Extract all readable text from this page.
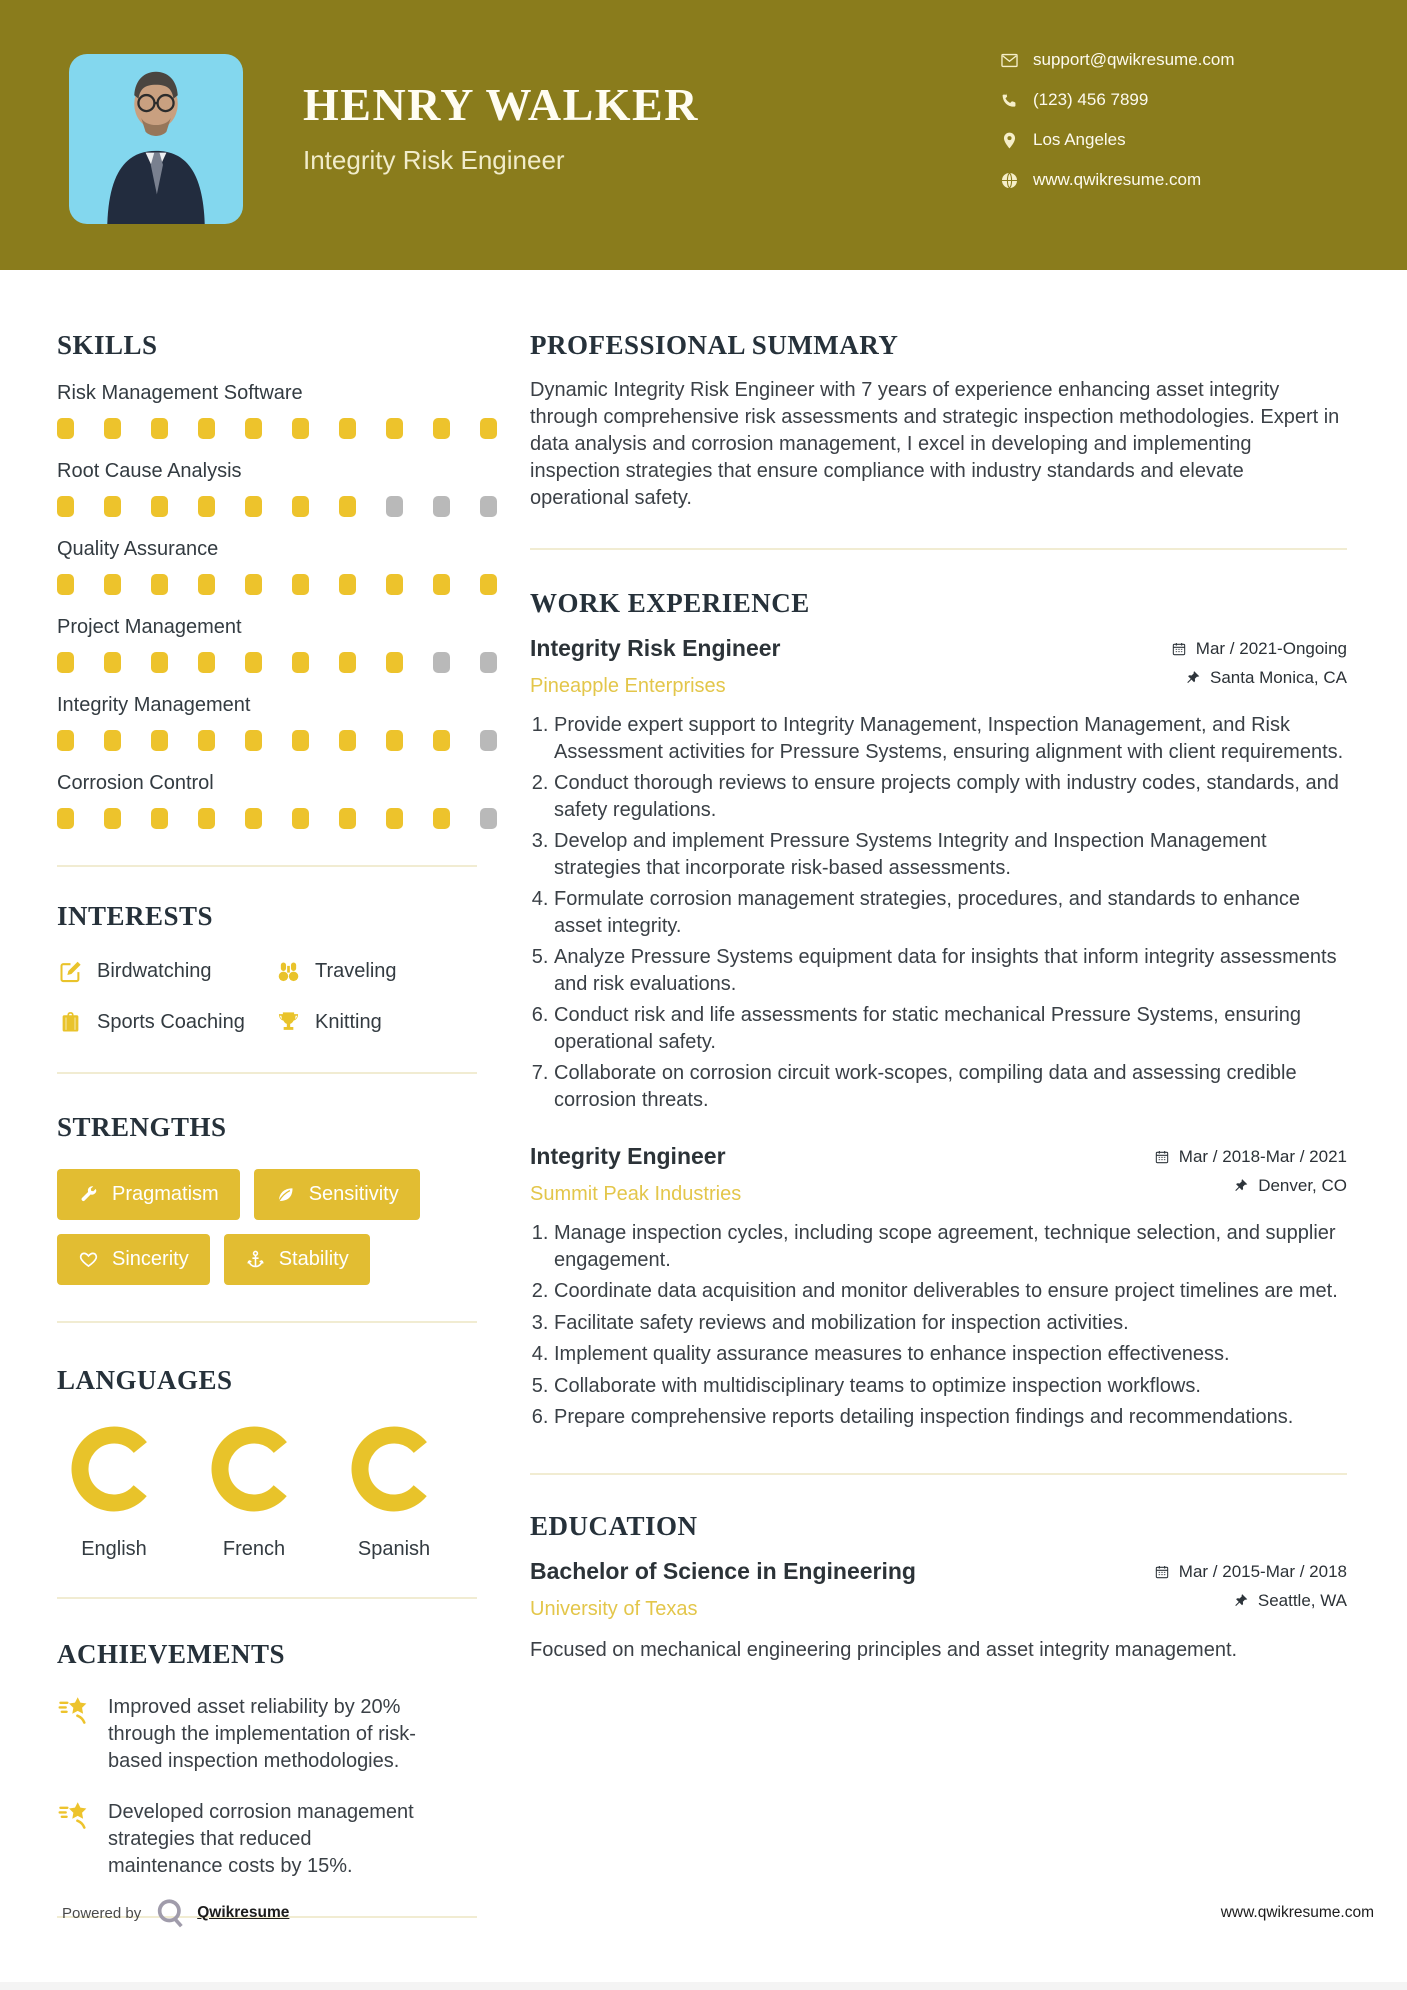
HENRY WALKER
Integrity Risk Engineer
support@qwikresume.com
(123) 456 7899
Los Angeles
www.qwikresume.com
SKILLS
Risk Management Software
Root Cause Analysis
Quality Assurance
Project Management
Integrity Management
Corrosion Control
INTERESTS
Birdwatching	Traveling
Sports Coaching	Knitting
STRENGTHS
Pragmatism	Sensitivity
Sincerity	Stability
LANGUAGES
English	French	Spanish
ACHIEVEMENTS
Improved asset reliability by 20% through the implementation of risk-based inspection methodologies.
Developed corrosion management strategies that reduced maintenance costs by 15%.
PROFESSIONAL SUMMARY

Dynamic Integrity Risk Engineer with 7 years of experience enhancing asset integrity through comprehensive risk assessments and strategic inspection methodologies. Expert in data analysis and corrosion management, I excel in developing and implementing inspection strategies that ensure compliance with industry standards and elevate operational safety.

WORK EXPERIENCE
Integrity Risk Engineer
Pineapple Enterprises
Mar / 2021-Ongoing
Santa Monica, CA
1. Provide expert support to Integrity Management, Inspection Management, and Risk Assessment activities for Pressure Systems, ensuring alignment with client requirements.
2. Conduct thorough reviews to ensure projects comply with industry codes, standards, and safety regulations.
3. Develop and implement Pressure Systems Integrity and Inspection Management strategies that incorporate risk-based assessments.
4. Formulate corrosion management strategies, procedures, and standards to enhance asset integrity.
5. Analyze Pressure Systems equipment data for insights that inform integrity assessments and risk evaluations.
6. Conduct risk and life assessments for static mechanical Pressure Systems, ensuring operational safety.
7. Collaborate on corrosion circuit work-scopes, compiling data and assessing credible corrosion threats.
Integrity Engineer
Summit Peak Industries
Mar / 2018-Mar / 2021
Denver, CO
1. Manage inspection cycles, including scope agreement, technique selection, and supplier engagement.
2. Coordinate data acquisition and monitor deliverables to ensure project timelines are met.
3. Facilitate safety reviews and mobilization for inspection activities.
4. Implement quality assurance measures to enhance inspection effectiveness.
5. Collaborate with multidisciplinary teams to optimize inspection workflows.
6. Prepare comprehensive reports detailing inspection findings and recommendations.
EDUCATION
Bachelor of Science in Engineering
University of Texas
Mar / 2015-Mar / 2018
Seattle, WA

Focused on mechanical engineering principles and asset integrity management.

Powered by	Qwikresume	www.qwikresume.com
